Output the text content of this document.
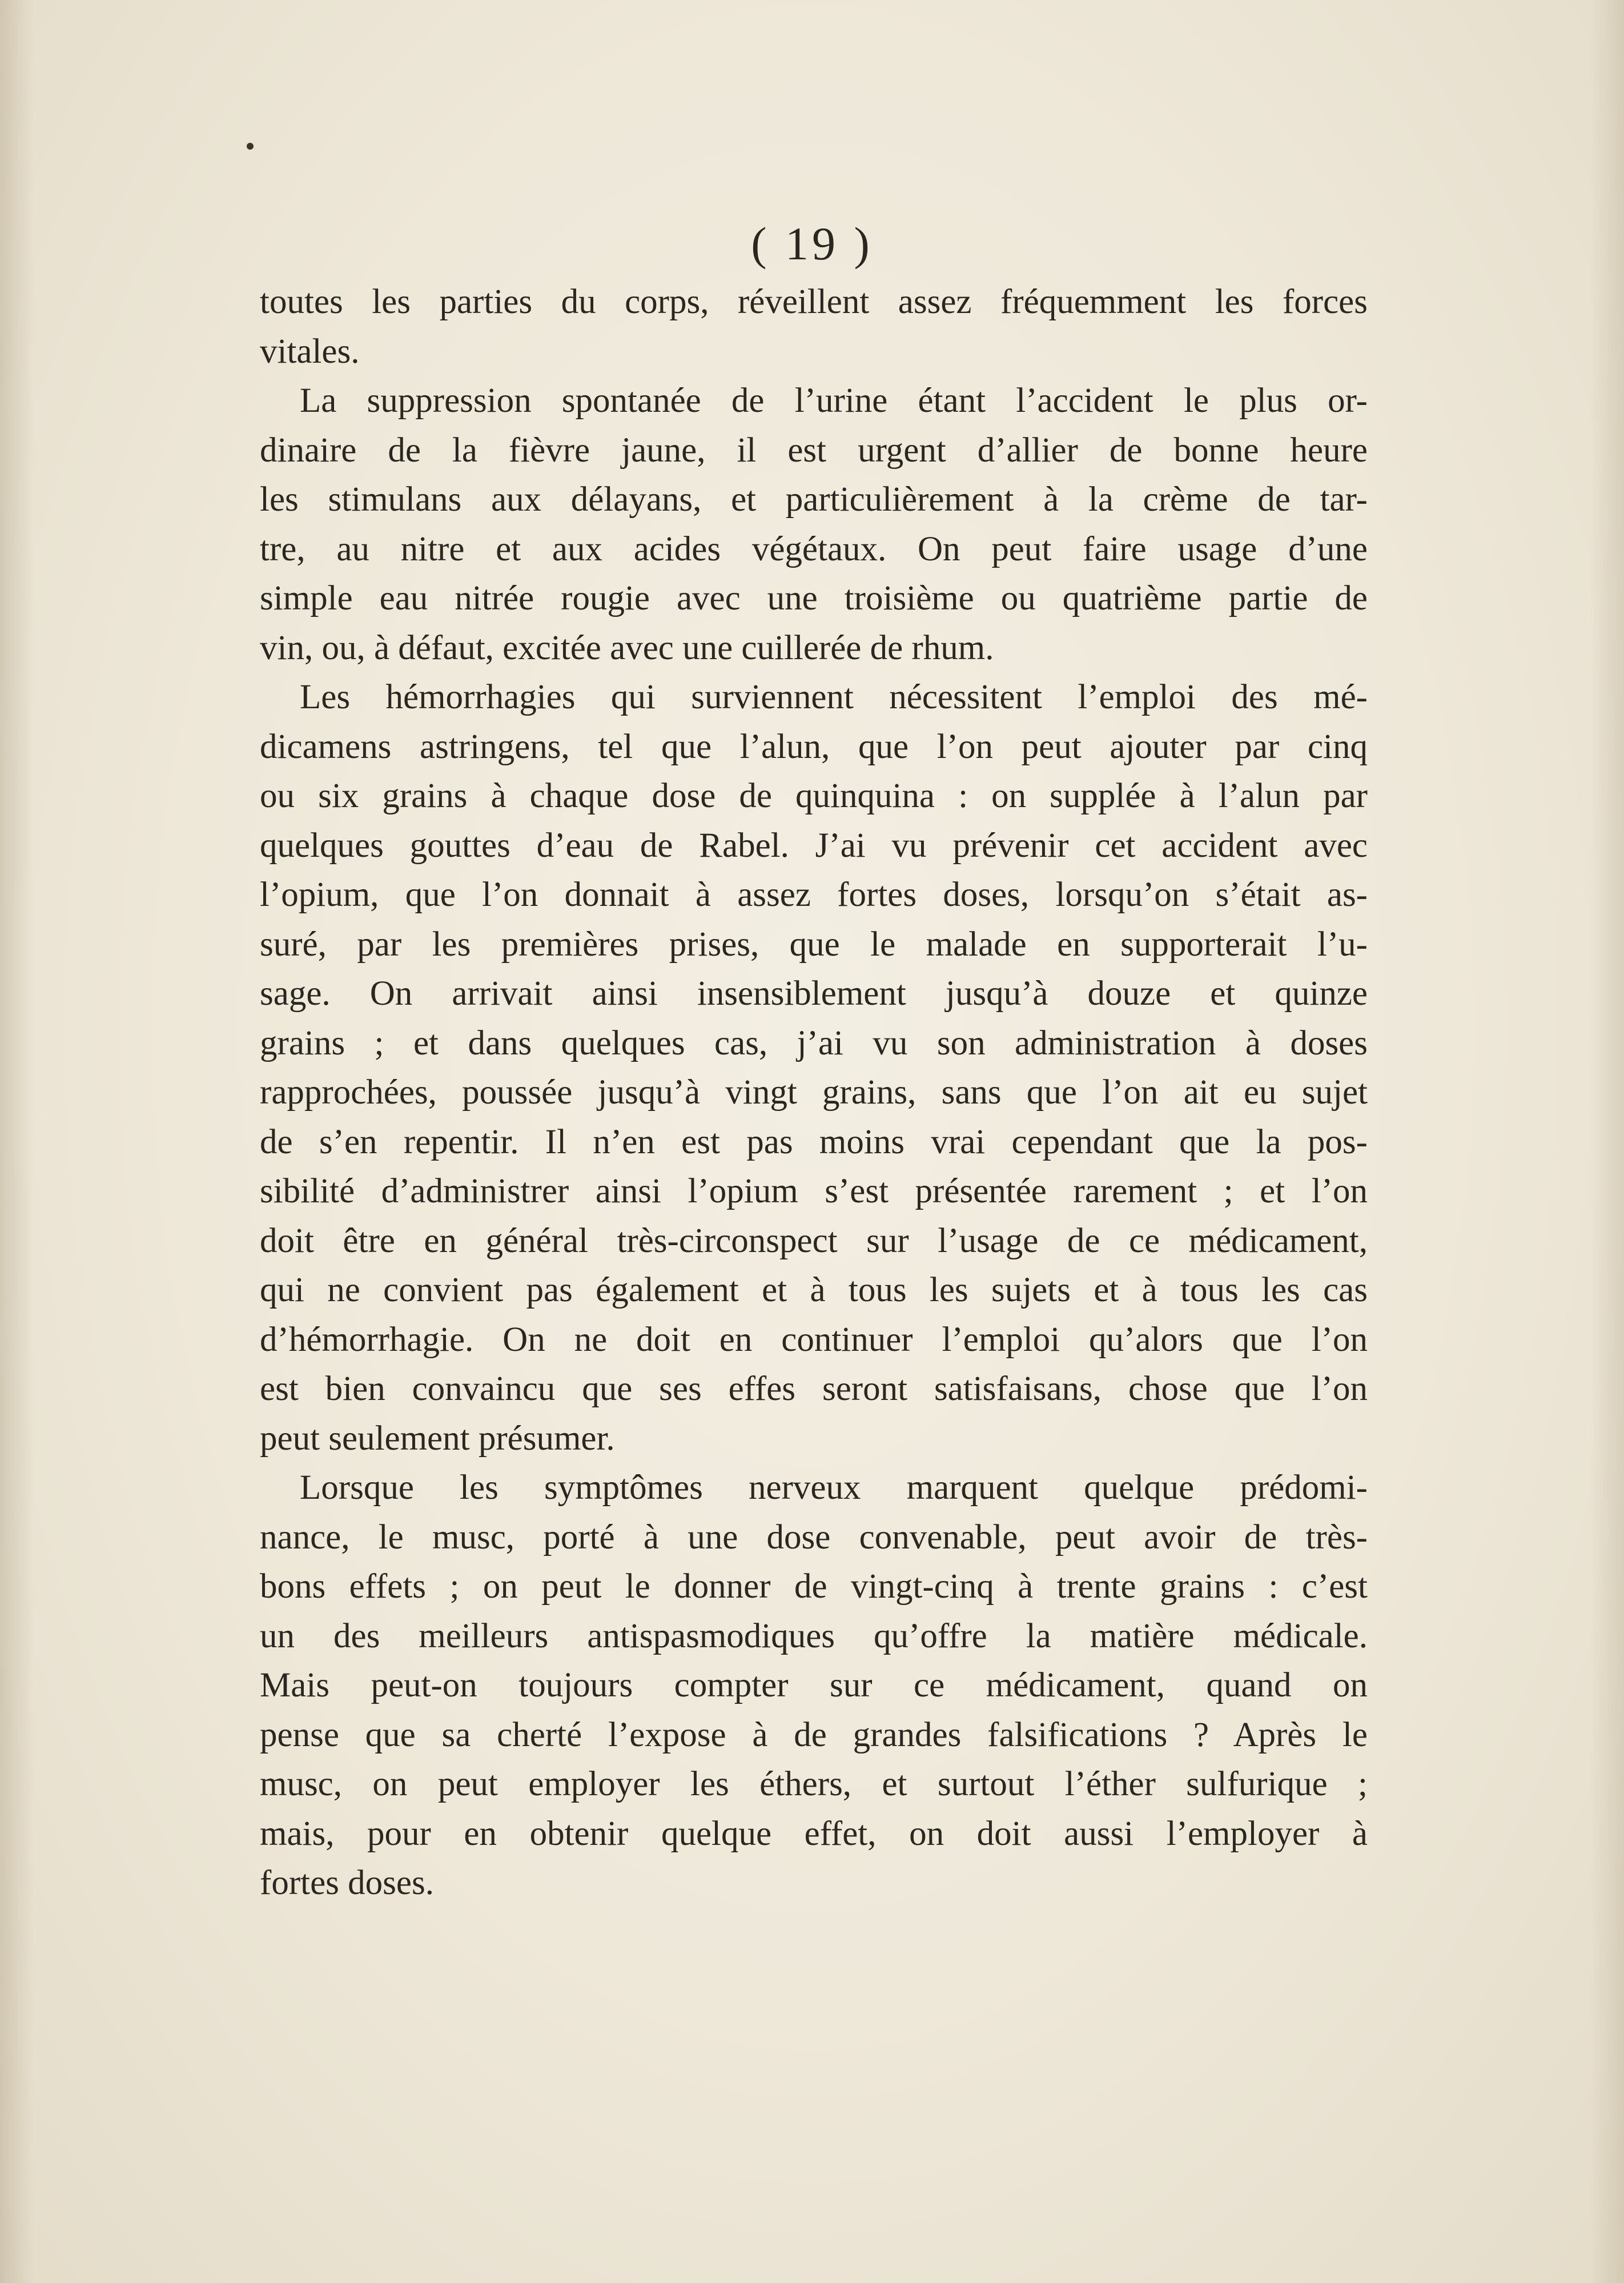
( 19 )
toutes les parties du corps, réveillent assez fréquemment les forces
vitales.
La suppression spontanée de l’urine étant l’accident le plus or-
dinaire de la fièvre jaune, il est urgent d’allier de bonne heure
les stimulans aux délayans, et particulièrement à la crème de tar-
tre, au nitre et aux acides végétaux. On peut faire usage d’une
simple eau nitrée rougie avec une troisième ou quatrième partie de
vin, ou, à défaut, excitée avec une cuillerée de rhum.
Les hémorrhagies qui surviennent nécessitent l’emploi des mé-
dicamens astringens, tel que l’alun, que l’on peut ajouter par cinq
ou six grains à chaque dose de quinquina : on supplée à l’alun par
quelques gouttes d’eau de Rabel. J’ai vu prévenir cet accident avec
l’opium, que l’on donnait à assez fortes doses, lorsqu’on s’était as-
suré, par les premières prises, que le malade en supporterait l’u-
sage. On arrivait ainsi insensiblement jusqu’à douze et quinze
grains ; et dans quelques cas, j’ai vu son administration à doses
rapprochées, poussée jusqu’à vingt grains, sans que l’on ait eu sujet
de s’en repentir. Il n’en est pas moins vrai cependant que la pos-
sibilité d’administrer ainsi l’opium s’est présentée rarement ; et l’on
doit être en général très-circonspect sur l’usage de ce médicament,
qui ne convient pas également et à tous les sujets et à tous les cas
d’hémorrhagie. On ne doit en continuer l’emploi qu’alors que l’on
est bien convaincu que ses effes seront satisfaisans, chose que l’on
peut seulement présumer.
Lorsque les symptômes nerveux marquent quelque prédomi-
nance, le musc, porté à une dose convenable, peut avoir de très-
bons effets ; on peut le donner de vingt-cinq à trente grains : c’est
un des meilleurs antispasmodiques qu’offre la matière médicale.
Mais peut-on toujours compter sur ce médicament, quand on
pense que sa cherté l’expose à de grandes falsifications ? Après le
musc, on peut employer les éthers, et surtout l’éther sulfurique ;
mais, pour en obtenir quelque effet, on doit aussi l’employer à
fortes doses.
